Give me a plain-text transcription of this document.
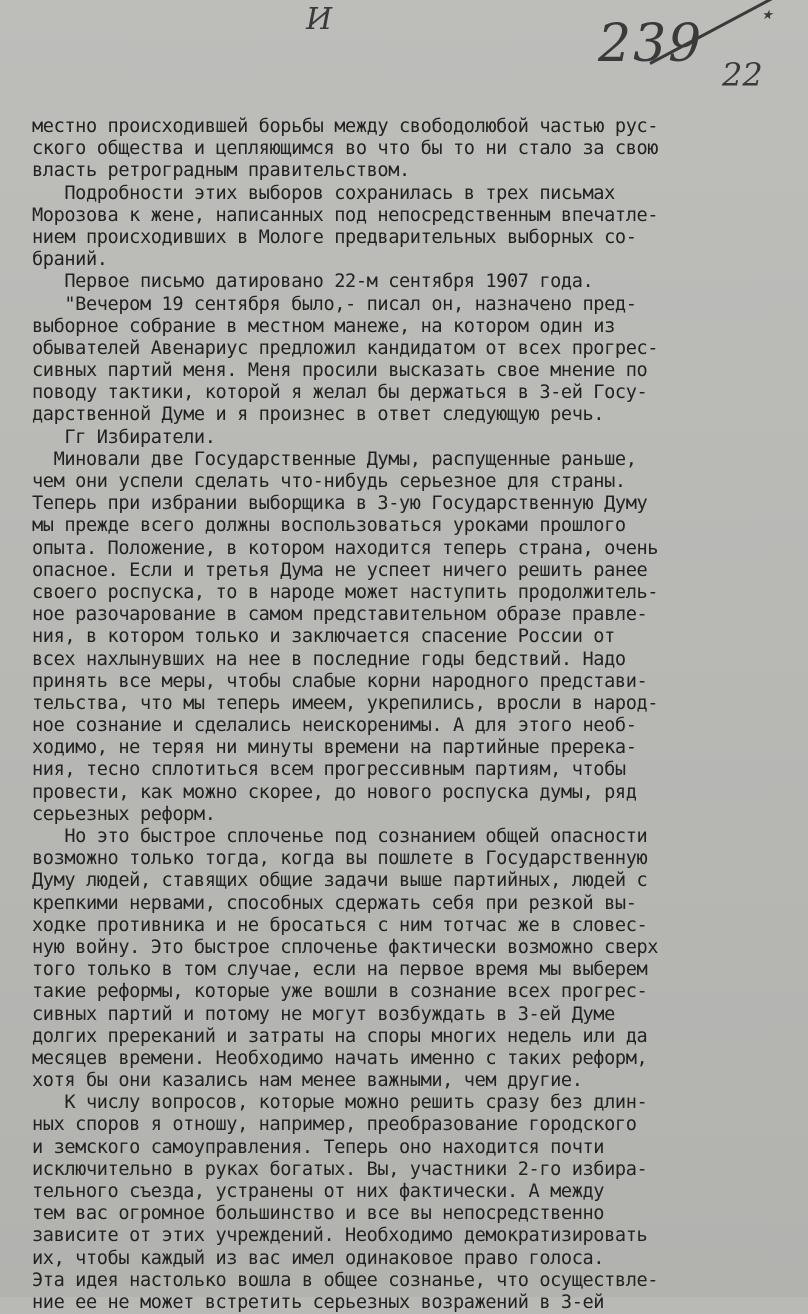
И	239
22
⋆
местно происходившей борьбы между свободолюбой частью рус-
ского общества и цепляющимся во что бы то ни стало за свою
власть ретроградным правительством.
Подробности этих выборов сохранилась в трех письмах
Морозова к жене, написанных под непосредственным впечатле-
нием происходивших в Мологе предварительных выборных со-
браний.
Первое письмо датировано 22-м сентября 1907 года.
"Вечером 19 сентября было,- писал он, назначено пред-
выборное собрание в местном манеже, на котором один из
обывателей Авенариус предложил кандидатом от всех прогрес-
сивных партий меня. Меня просили высказать свое мнение по
поводу тактики, которой я желал бы держаться в 3-ей Госу-
дарственной Думе и я произнес в ответ следующую речь.
Гг Избиратели.
Миновали две Государственные Думы, распущенные раньше,
чем они успели сделать что-нибудь серьезное для страны.
Теперь при избрании выборщика в 3-ую Государственную Думу
мы прежде всего должны воспользоваться уроками прошлого
опыта. Положение, в котором находится теперь страна, очень
опасное. Если и третья Дума не успеет ничего решить ранее
своего роспуска, то в народе может наступить продолжитель-
ное разочарование в самом представительном образе правле-
ния, в котором только и заключается спасение России от
всех нахлынувших на нее в последние годы бедствий. Надо
принять все меры, чтобы слабые корни народного представи-
тельства, что мы теперь имеем, укрепились, вросли в народ-
ное сознание и сделались неискоренимы. А для этого необ-
ходимо, не теряя ни минуты времени на партийные пререка-
ния, тесно сплотиться всем прогрессивным партиям, чтобы
провести, как можно скорее, до нового роспуска думы, ряд
серьезных реформ.
Но это быстрое сплоченье под сознанием общей опасности
возможно только тогда, когда вы пошлете в Государственную
Думу людей, ставящих общие задачи выше партийных, людей с
крепкими нервами, способных сдержать себя при резкой вы-
ходке противника и не бросаться с ним тотчас же в словес-
ную войну. Это быстрое сплоченье фактически возможно сверх
того только в том случае, если на первое время мы выберем
такие реформы, которые уже вошли в сознание всех прогрес-
сивных партий и потому не могут возбуждать в 3-ей Думе
долгих пререканий и затраты на споры многих недель или да
месяцев времени. Необходимо начать именно с таких реформ,
хотя бы они казались нам менее важными, чем другие.
К числу вопросов, которые можно решить сразу без длин-
ных споров я отношу, например, преобразование городского
и земского самоуправления. Теперь оно находится почти
исключительно в руках богатых. Вы, участники 2-го избира-
тельного съезда, устранены от них фактически. А между
тем вас огромное большинство и все вы непосредственно
зависите от этих учреждений. Необходимо демократизировать
их, чтобы каждый из вас имел одинаковое право голоса.
Эта идея настолько вошла в общее сознанье, что осуществле-
ние ее не может встретить серьезных возражений в 3-ей
